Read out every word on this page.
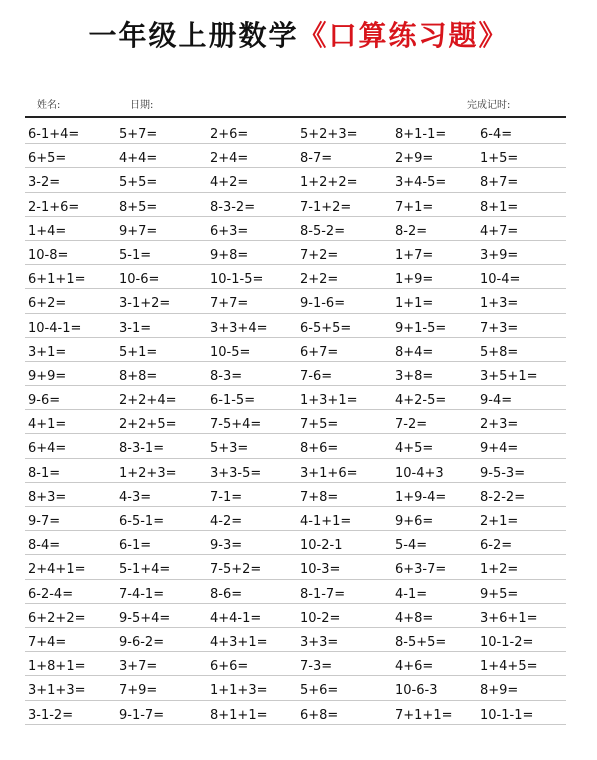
一年级上册数学《口算练习题》
姓名:	日期:	完成记时:
6-1+4=	5+7=	2+6=	5+2+3=	8+1-1=	6-4=
6+5=	4+4=	2+4=	8-7=	2+9=	1+5=
3-2=	5+5=	4+2=	1+2+2=	3+4-5=	8+7=
2-1+6=	8+5=	8-3-2=	7-1+2=	7+1=	8+1=
1+4=	9+7=	6+3=	8-5-2=	8-2=	4+7=
10-8=	5-1=	9+8=	7+2=	1+7=	3+9=
6+1+1=	10-6=	10-1-5=	2+2=	1+9=	10-4=
6+2=	3-1+2=	7+7=	9-1-6=	1+1=	1+3=
10-4-1=	3-1=	3+3+4=	6-5+5=	9+1-5=	7+3=
3+1=	5+1=	10-5=	6+7=	8+4=	5+8=
9+9=	8+8=	8-3=	7-6=	3+8=	3+5+1=
9-6=	2+2+4=	6-1-5=	1+3+1=	4+2-5=	9-4=
4+1=	2+2+5=	7-5+4=	7+5=	7-2=	2+3=
6+4=	8-3-1=	5+3=	8+6=	4+5=	9+4=
8-1=	1+2+3=	3+3-5=	3+1+6=	10-4+3	9-5-3=
8+3=	4-3=	7-1=	7+8=	1+9-4=	8-2-2=
9-7=	6-5-1=	4-2=	4-1+1=	9+6=	2+1=
8-4=	6-1=	9-3=	10-2-1	5-4=	6-2=
2+4+1=	5-1+4=	7-5+2=	10-3=	6+3-7=	1+2=
6-2-4=	7-4-1=	8-6=	8-1-7=	4-1=	9+5=
6+2+2=	9-5+4=	4+4-1=	10-2=	4+8=	3+6+1=
7+4=	9-6-2=	4+3+1=	3+3=	8-5+5=	10-1-2=
1+8+1=	3+7=	6+6=	7-3=	4+6=	1+4+5=
3+1+3=	7+9=	1+1+3=	5+6=	10-6-3	8+9=
3-1-2=	9-1-7=	8+1+1=	6+8=	7+1+1= 10-1-1=
